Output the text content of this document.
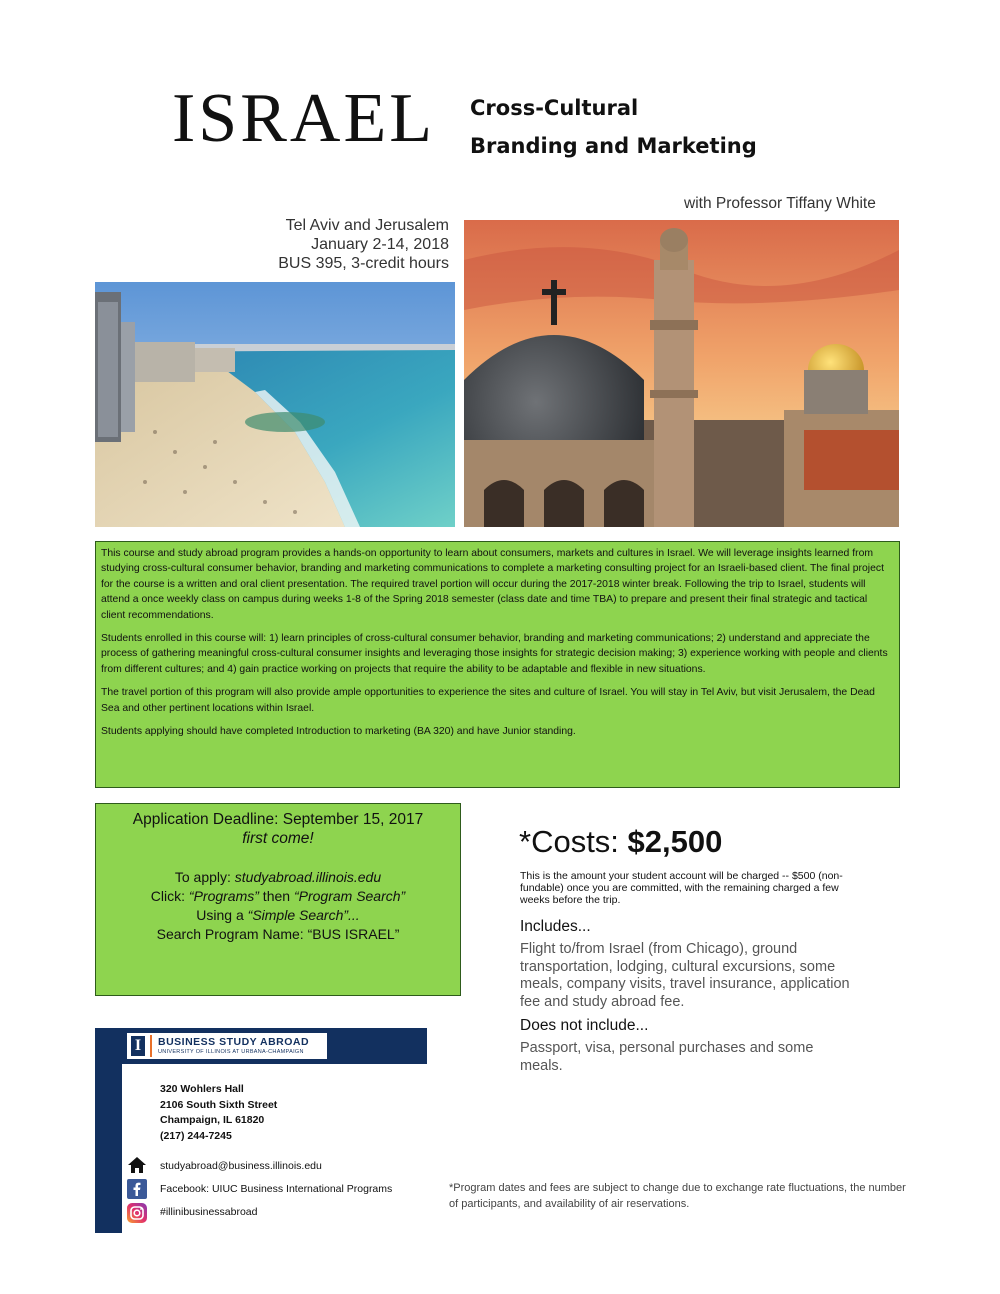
ISRAEL Cross-Cultural
Branding and Marketing
with Professor Tiffany White
Tel Aviv and Jerusalem
January 2-14, 2018
BUS 395, 3-credit hours

This course and study abroad program provides a hands-on opportunity to learn about consumers, markets and cultures in Israel. We will leverage insights learned from studying cross-cultural consumer behavior, branding and marketing communications to complete a marketing consulting project for an Israeli-based client. The final project for the course is a written and oral client presentation. The required travel portion will occur during the 2017-2018 winter break. Following the trip to Israel, students will attend a once weekly class on campus during weeks 1-8 of the Spring 2018 semester (class date and time TBA) to prepare and present their final strategic and tactical client recommendations.

Students enrolled in this course will: 1) learn principles of cross-cultural consumer behavior, branding and marketing communications; 2) understand and appreciate the process of gathering meaningful cross-cultural consumer insights and leveraging those insights for strategic decision making; 3) experience working with people and clients from different cultures; and 4) gain practice working on projects that require the ability to be adaptable and flexible in new situations.

The travel portion of this program will also provide ample opportunities to experience the sites and culture of Israel. You will stay in Tel Aviv, but visit Jerusalem, the Dead Sea and other pertinent locations within Israel.

Students applying should have completed Introduction to marketing (BA 320) and have Junior standing.

Application Deadline: September 15, 2017
first come!
To apply: studyabroad.illinois.edu
Click: “Programs” then “Program Search”
Using a “Simple Search”...
Search Program Name: “BUS ISRAEL”
*Costs: $2,500
This is the amount your student account will be charged -- $500 (non-fundable) once you are committed, with the remaining charged a few weeks before the trip.
Includes...
Flight to/from Israel (from Chicago), ground transportation, lodging, cultural excursions, some meals, company visits, travel insurance, application fee and study abroad fee.
Does not include...
Passport, visa, personal purchases and some meals.
I	BUSINESS STUDY ABROAD
UNIVERSITY OF ILLINOIS AT URBANA-CHAMPAIGN
320 Wohlers Hall
2106 South Sixth Street
Champaign, IL 61820
(217) 244-7245
studyabroad@business.illinois.edu
Facebook: UIUC Business International Programs
#illinibusinessabroad
*Program dates and fees are subject to change due to exchange rate fluctuations, the number of participants, and availability of air reservations.
